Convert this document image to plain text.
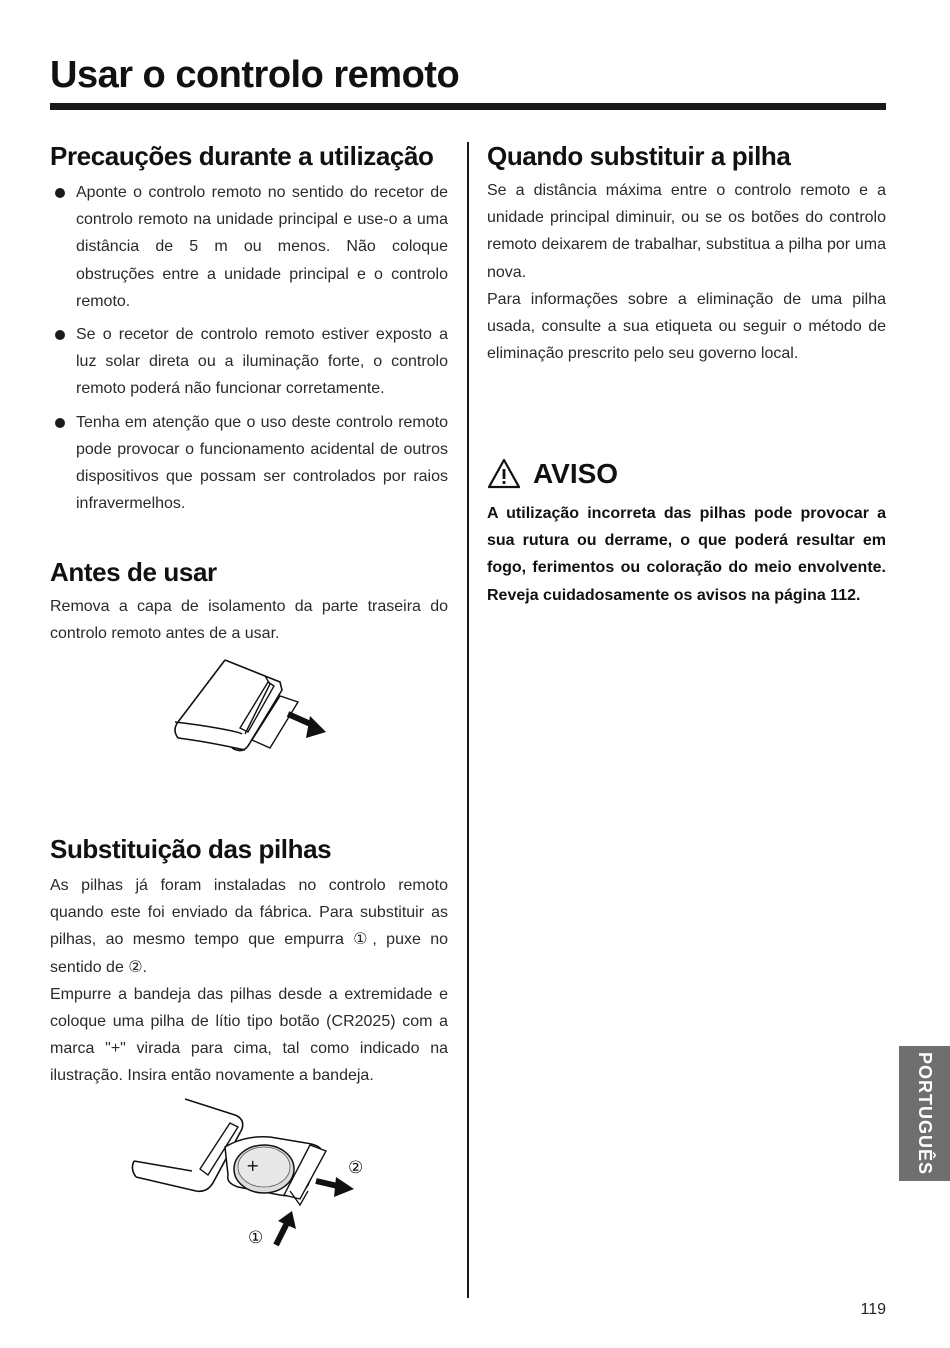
Usar o controlo remoto
Precauções durante a utilização
Aponte o controlo remoto no sentido do recetor de controlo remoto na unidade principal e use-o a uma distância de 5 m ou menos. Não coloque obstruções entre a unidade principal e o controlo remoto.
Se o recetor de controlo remoto estiver exposto a luz solar direta ou a iluminação forte, o controlo remoto poderá não funcionar corretamente.
Tenha em atenção que o uso deste controlo remoto pode provocar o funcionamento acidental de outros dispositivos que possam ser controlados por raios infravermelhos.
Antes de usar

Remova a capa de isolamento da parte traseira do controlo remoto antes de a usar.

Substituição das pilhas

As pilhas já foram instaladas no controlo remoto quando este foi enviado da fábrica. Para substituir as pilhas, ao mesmo tempo que empurra ①, puxe no sentido de ②.

Empurre a bandeja das pilhas desde a extremidade e coloque uma pilha de lítio tipo botão (CR2025) com a marca "+" virada para cima, tal como indicado na ilustração. Insira então novamente a bandeja.

+	②
①
Quando substituir a pilha

Se a distância máxima entre o controlo remoto e a unidade principal diminuir, ou se os botões do controlo remoto deixarem de trabalhar, substitua a pilha por uma nova.

Para informações sobre a eliminação de uma pilha usada, consulte a sua etiqueta ou seguir o método de eliminação prescrito pelo seu governo local.

AVISO

A utilização incorreta das pilhas pode provocar a sua rutura ou derrame, o que poderá resultar em fogo, ferimentos ou coloração do meio envolvente. Reveja cuidadosamente os avisos na página 112.

PORTUGUÊS
119
